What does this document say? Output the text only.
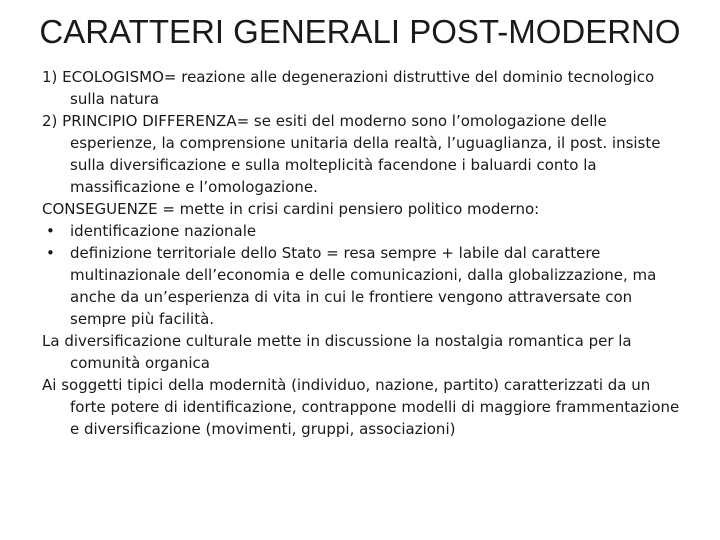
CARATTERI GENERALI POST-MODERNO

1) ECOLOGISMO= reazione alle degenerazioni distruttive del dominio tecnologico sulla natura

2) PRINCIPIO DIFFERENZA= se esiti del moderno sono l’omologazione delle esperienze, la comprensione unitaria della realtà, l’uguaglianza, il post. insiste sulla diversificazione e sulla molteplicità facendone i baluardi conto la massificazione e l’omologazione.

CONSEGUENZE = mette in crisi cardini pensiero politico moderno:

• identificazione nazionale

• definizione territoriale dello Stato = resa sempre + labile dal carattere multinazionale dell’economia e delle comunicazioni, dalla globalizzazione, ma anche da un’esperienza di vita in cui le frontiere vengono attraversate con sempre più facilità.

La diversificazione culturale mette in discussione la nostalgia romantica per la comunità organica

Ai soggetti tipici della modernità (individuo, nazione, partito) caratterizzati da un forte potere di identificazione, contrappone modelli di maggiore frammentazione e diversificazione (movimenti, gruppi, associazioni)
